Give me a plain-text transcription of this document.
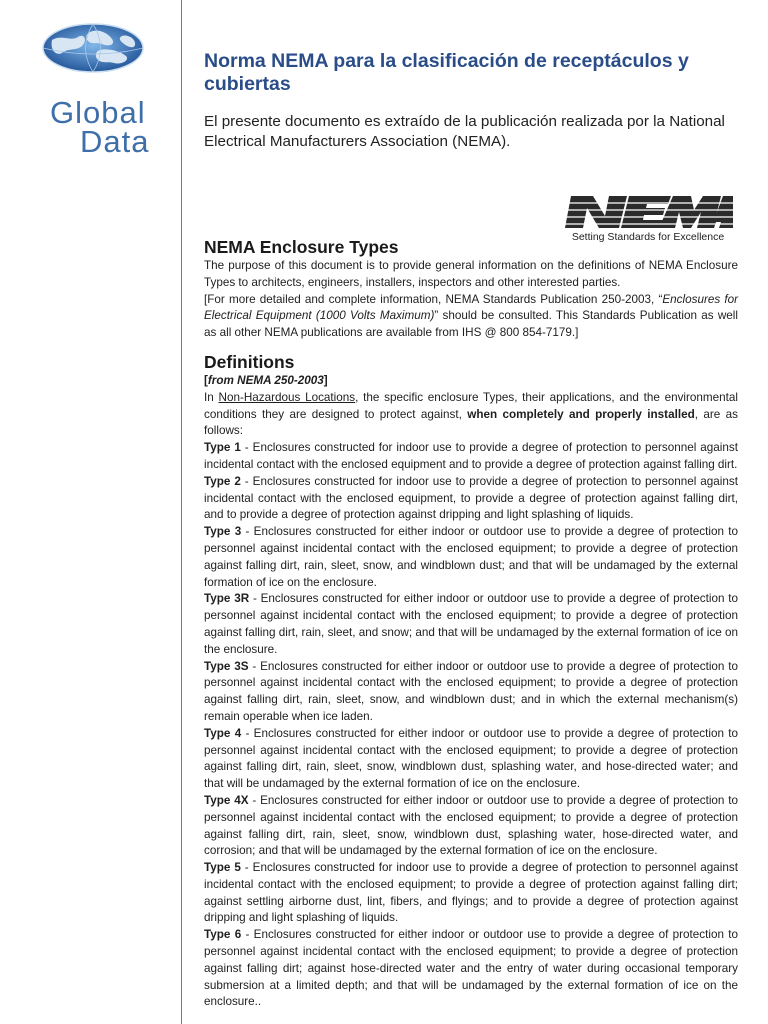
Global
Data
Norma NEMA para la clasificación de receptáculos y cubiertas

El presente documento es extraído de la publicación realizada por la National Electrical Manufacturers Association (NEMA).

Setting Standards for Excellence
NEMA Enclosure Types

The purpose of this document is to provide general information on the definitions of NEMA Enclosure Types to architects, engineers, installers, inspectors and other interested parties.

[For more detailed and complete information, NEMA Standards Publication 250-2003, “Enclosures for Electrical Equipment (1000 Volts Maximum)” should be consulted. This Standards Publication as well as all other NEMA publications are available from IHS @ 800 854-7179.]

Definitions

[from NEMA 250-2003]

In Non-Hazardous Locations, the specific enclosure Types, their applications, and the environmental conditions they are designed to protect against, when completely and properly installed, are as follows:

Type 1 - Enclosures constructed for indoor use to provide a degree of protection to personnel against incidental contact with the enclosed equipment and to provide a degree of protection against falling dirt.

Type 2 - Enclosures constructed for indoor use to provide a degree of protection to personnel against incidental contact with the enclosed equipment, to provide a degree of protection against falling dirt, and to provide a degree of protection against dripping and light splashing of liquids.

Type 3 - Enclosures constructed for either indoor or outdoor use to provide a degree of protection to personnel against incidental contact with the enclosed equipment; to provide a degree of protection against falling dirt, rain, sleet, snow, and windblown dust; and that will be undamaged by the external formation of ice on the enclosure.

Type 3R - Enclosures constructed for either indoor or outdoor use to provide a degree of protection to personnel against incidental contact with the enclosed equipment; to provide a degree of protection against falling dirt, rain, sleet, and snow; and that will be undamaged by the external formation of ice on the enclosure.

Type 3S - Enclosures constructed for either indoor or outdoor use to provide a degree of protection to personnel against incidental contact with the enclosed equipment; to provide a degree of protection against falling dirt, rain, sleet, snow, and windblown dust; and in which the external mechanism(s) remain operable when ice laden.

Type 4 - Enclosures constructed for either indoor or outdoor use to provide a degree of protection to personnel against incidental contact with the enclosed equipment; to provide a degree of protection against falling dirt, rain, sleet, snow, windblown dust, splashing water, and hose-directed water; and that will be undamaged by the external formation of ice on the enclosure.

Type 4X - Enclosures constructed for either indoor or outdoor use to provide a degree of protection to personnel against incidental contact with the enclosed equipment; to provide a degree of protection against falling dirt, rain, sleet, snow, windblown dust, splashing water, hose-directed water, and corrosion; and that will be undamaged by the external formation of ice on the enclosure.

Type 5 - Enclosures constructed for indoor use to provide a degree of protection to personnel against incidental contact with the enclosed equipment; to provide a degree of protection against falling dirt; against settling airborne dust, lint, fibers, and flyings; and to provide a degree of protection against dripping and light splashing of liquids.

Type 6 - Enclosures constructed for either indoor or outdoor use to provide a degree of protection to personnel against incidental contact with the enclosed equipment; to provide a degree of protection against falling dirt; against hose-directed water and the entry of water during occasional temporary submersion at a limited depth; and that will be undamaged by the external formation of ice on the enclosure..
